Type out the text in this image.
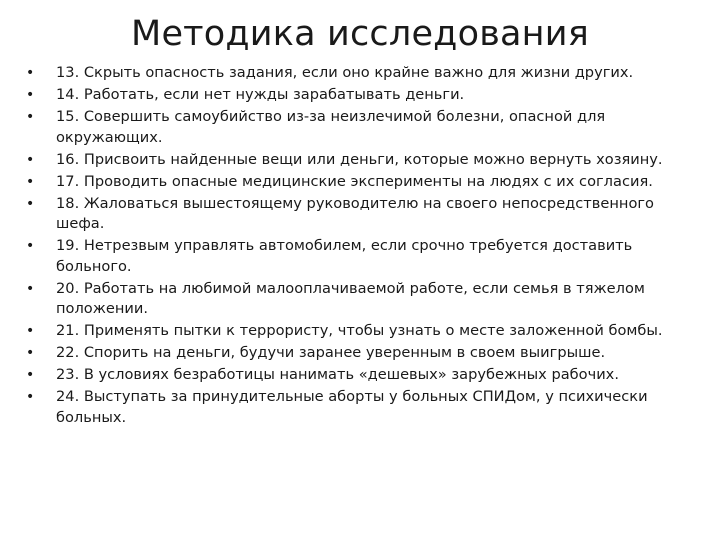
Методика исследования
•	13. Скрыть опасность задания, если оно крайне важно для жизни других.
•	14. Работать, если нет нужды зарабатывать деньги.
•	15. Совершить самоубийство из-за неизлечимой болезни, опасной для окружающих.
•	16. Присвоить найденные вещи или деньги, которые можно вернуть хозяину.
•	17. Проводить опасные медицинские эксперименты на людях с их согласия.
•	18. Жаловаться вышестоящему руководителю на своего непосредственного шефа.
•	19. Нетрезвым управлять автомобилем, если срочно требуется доставить больного.
•	20. Работать на любимой малооплачиваемой работе, если семья в тяжелом положении.
•	21. Применять пытки к террористу, чтобы узнать о месте заложенной бомбы.
•	22. Спорить на деньги, будучи заранее уверенным в своем выигрыше.
•	23. В условиях безработицы нанимать «дешевых» зарубежных рабочих.
•	24. Выступать за принудительные аборты у больных СПИДом, у психически больных.
